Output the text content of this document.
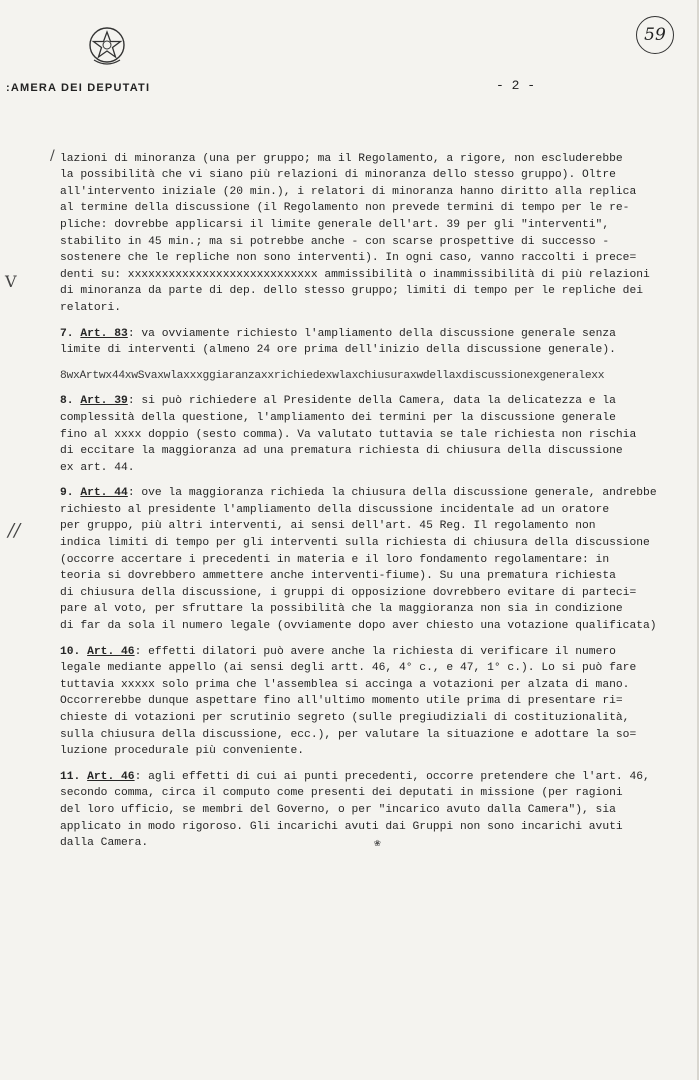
:AMERA DEI DEPUTATI	- 2 -
59
/
V
//

lazioni di minoranza (una per gruppo; ma il Regolamento, a rigore, non escluderebbe
la possibilità che vi siano più relazioni di minoranza dello stesso gruppo). Oltre
all'intervento iniziale (20 min.), i relatori di minoranza hanno diritto alla replica
al termine della discussione (il Regolamento non prevede termini di tempo per le re-
pliche: dovrebbe applicarsi il limite generale dell'art. 39 per gli "interventi",
stabilito in 45 min.; ma si potrebbe anche - con scarse prospettive di successo -
sostenere che le repliche non sono interventi). In ogni caso, vanno raccolti i prece=
denti su: xxxxxxxxxxxxxxxxxxxxxxxxxxxx ammissibilità o inammissibilità di più relazioni
di minoranza da parte di dep. dello stesso gruppo; limiti di tempo per le repliche dei
relatori.

7. Art. 83: va ovviamente richiesto l'ampliamento della discussione generale senza
limite di interventi (almeno 24 ore prima dell'inizio della discussione generale).

8wxArtwx44xwSvaxwlaxxxggiaranzaxxrichiedexwlaxchiusuraxwdellaxdiscussionexgeneralexx

8. Art. 39: si può richiedere al Presidente della Camera, data la delicatezza e la
complessità della questione, l'ampliamento dei termini per la discussione generale
fino al xxxx doppio (sesto comma). Va valutato tuttavia se tale richiesta non rischia
di eccitare la maggioranza ad una prematura richiesta di chiusura della discussione
ex art. 44.

9. Art. 44: ove la maggioranza richieda la chiusura della discussione generale, andrebbe
richiesto al presidente l'ampliamento della discussione incidentale ad un oratore
per gruppo, più altri interventi, ai sensi dell'art. 45 Reg. Il regolamento non
indica limiti di tempo per gli interventi sulla richiesta di chiusura della discussione
(occorre accertare i precedenti in materia e il loro fondamento regolamentare: in
teoria si dovrebbero ammettere anche interventi-fiume). Su una prematura richiesta
di chiusura della discussione, i gruppi di opposizione dovrebbero evitare di parteci=
pare al voto, per sfruttare la possibilità che la maggioranza non sia in condizione
di far da sola il numero legale (ovviamente dopo aver chiesto una votazione qualificata)

10. Art. 46: effetti dilatori può avere anche la richiesta di verificare il numero
legale mediante appello (ai sensi degli artt. 46, 4° c., e 47, 1° c.). Lo si può fare
tuttavia xxxxx solo prima che l'assemblea si accinga a votazioni per alzata di mano.
Occorrerebbe dunque aspettare fino all'ultimo momento utile prima di presentare ri=
chieste di votazioni per scrutinio segreto (sulle pregiudiziali di costituzionalità,
sulla chiusura della discussione, ecc.), per valutare la situazione e adottare la so=
luzione procedurale più conveniente.

11. Art. 46: agli effetti di cui ai punti precedenti, occorre pretendere che l'art. 46,
secondo comma, circa il computo come presenti dei deputati in missione (per ragioni
del loro ufficio, se membri del Governo, o per "incarico avuto dalla Camera"), sia
applicato in modo rigoroso. Gli incarichi avuti dai Gruppi non sono incarichi avuti
dalla Camera.	❀
